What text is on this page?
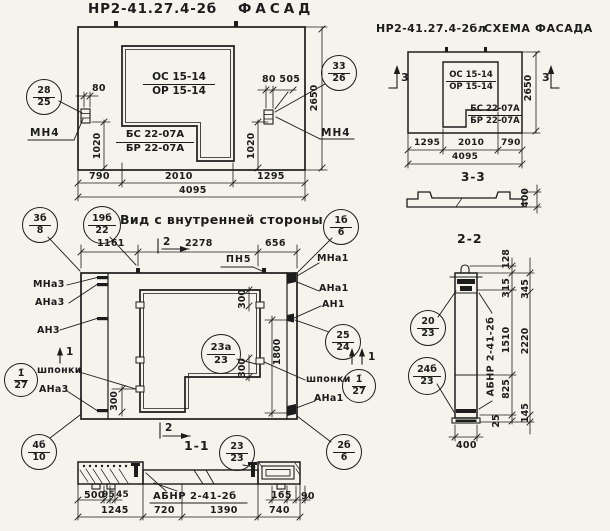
НР2-41.27.4-2б ФАСАД
ОС 15-14
ОР 15-14
БС 22-07А
БР 22-07А
МН4	МН4
80
80 505
1020	1020
2650
790	2010	1295
4095
28
25
33
26
НР2-41.27.4-2бл
СХЕМА ФАСАДА
ОС 15-14
ОР 15-14
БС 22-07А
БР 22-07А
3	3
2650
1295 2010 790
4095
3-3
400
2-2
128
315 345
1510 2220
825
25 145
400
АБНР 2-41-2б
20
23
24б
23
Вид с внутренней стороны
1161	2278	656
ПН5
300
300
300
1800
МНа3
АНа3
АН3
шпонки
АНа3
МНа1
АНа1
АН1
шпонки
АНа1
2
2
1	1
1-1
3б
8
19б
22
1б
6
25
24
1̄
27
1̄
27
4б
10
2б
6
23а
23
23
23
АБНР 2-41-2б
500
95 45	165 90
1245	720	1390	740
